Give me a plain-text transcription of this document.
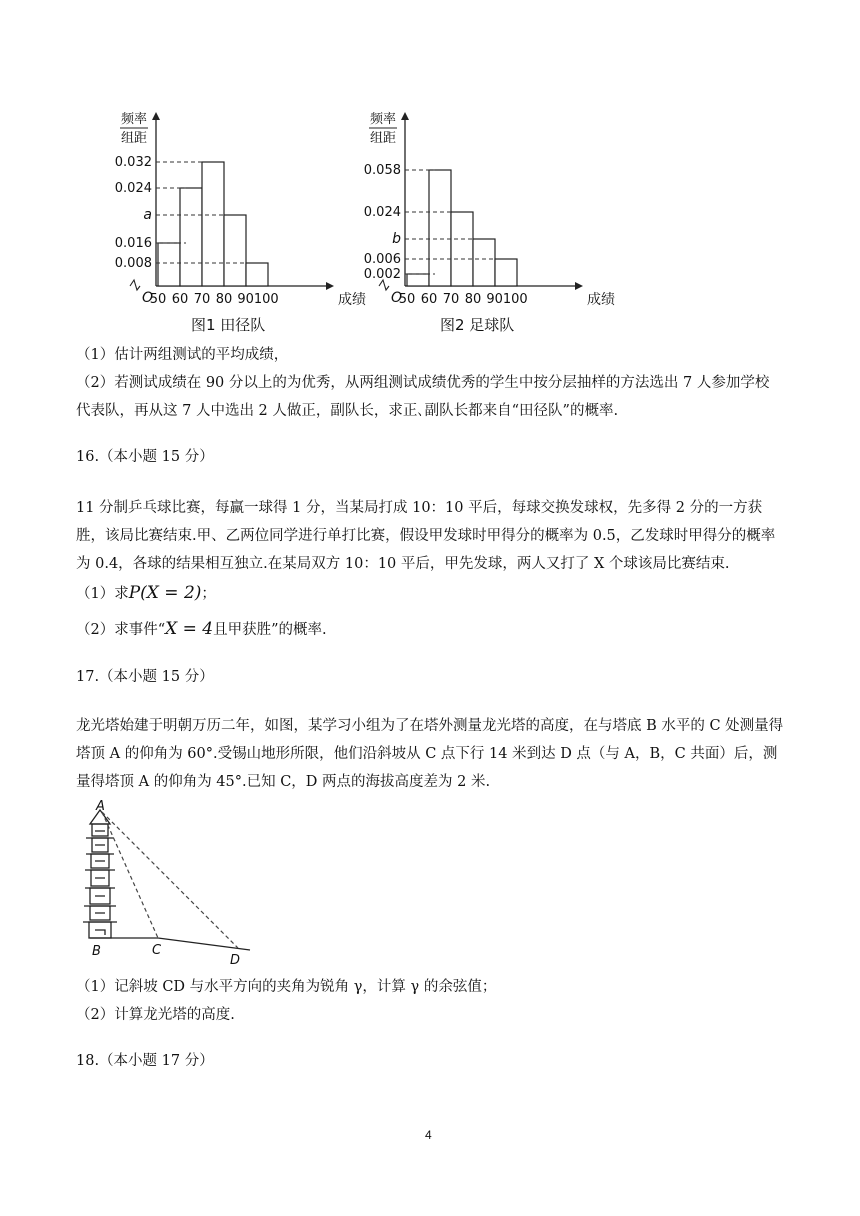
频率
组距
O
0.032
0.024
a
0.016
0.008
50 60 70 80 90100	成绩
图1 田径队
频率
组距
O
0.058
0.024
b
0.006
0.002
50 60 70 80 90100	成绩
图2 足球队
（1）估计两组测试的平均成绩，
（2）若测试成绩在 90 分以上的为优秀，从两组测试成绩优秀的学生中按分层抽样的方法选出 7 人参加学校
代表队，再从这 7 人中选出 2 人做正，副队长，求正､副队长都来自“田径队”的概率.
16.（本小题 15 分）
11 分制乒乓球比赛，每赢一球得 1 分，当某局打成 10：10 平后，每球交换发球权，先多得 2 分的一方获胜，该局比赛结束.甲、乙两位同学进行单打比赛，假设甲发球时甲得分的概率为 0.5，乙发球时甲得分的概率为 0.4，各球的结果相互独立.在某局双方 10：10 平后，甲先发球，两人又打了 X 个球该局比赛结束.
（1）求P(X = 2)；
（2）求事件“X = 4且甲获胜”的概率.
17.（本小题 15 分）
龙光塔始建于明朝万历二年，如图，某学习小组为了在塔外测量龙光塔的高度，在与塔底 B 水平的 C 处测量得塔顶 A 的仰角为 60°.受锡山地形所限，他们沿斜坡从 C 点下行 14 米到达 D 点（与 A，B，C 共面）后，测量得塔顶 A 的仰角为 45°.已知 C，D 两点的海拔高度差为 2 米.
A
B	C
D
（1）记斜坡 CD 与水平方向的夹角为锐角 γ，计算 γ 的余弦值；
（2）计算龙光塔的高度.
18.（本小题 17 分）
4
